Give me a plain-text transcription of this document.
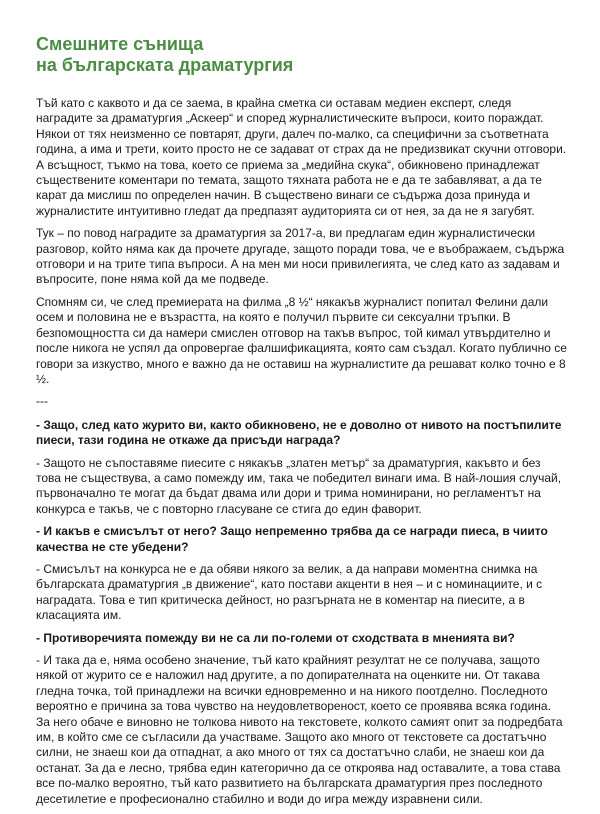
Смешните сънища
на българската драматургия

Тъй като с каквото и да се заема, в крайна сметка си оставам медиен експерт, следя наградите за драматургия „Аскеер“ и според журналистическите въпроси, които пораждат. Някои от тях неизменно се повтарят, други, далеч по-малко, са специфични за съответната година, а има и трети, които просто не се задават от страх да не предизвикат скучни отговори. А всъщност, тъкмо на това, което се приема за „медийна скука“, обикновено принадлежат съществените коментари по темата, защото тяхната работа не е да те забавляват, а да те карат да мислиш по определен начин. В съществено винаги се съдържа доза принуда и журналистите интуитивно гледат да предпазят аудиторията си от нея, за да не я загубят.

Тук – по повод наградите за драматургия за 2017-а, ви предлагам един журналистически разговор, който няма как да прочете другаде, защото поради това, че е въображаем, съдържа отговори и на трите типа въпроси. А на мен ми носи привилегията, че след като аз задавам и въпросите, поне няма кой да ме подведе.

Спомням си, че след премиерата на филма „8 ½“ някакъв журналист попитал Фелини дали осем и половина не е възрастта, на която е получил първите си сексуални тръпки. В безпомощността си да намери смислен отговор на такъв въпрос, той кимал утвърдително и после никога не успял да опровергае фалшификацията, която сам създал. Когато публично се говори за изкуство, много е важно да не оставиш на журналистите да решават колко точно е 8 ½.

---

- Защо, след като журито ви, както обикновено, не е доволно от нивото на постъпилите пиеси, тази година не откаже да присъди награда?

- Защото не съпоставяме пиесите с някакъв „златен метър“ за драматургия, какъвто и без това не съществува, а само помежду им, така че победител винаги има. В най-лошия случай, първоначално те могат да бъдат двама или дори и трима номинирани, но регламентът на конкурса е такъв, че с повторно гласуване се стига до един фаворит.

- И какъв е смисълът от него? Защо непременно трябва да се награди пиеса, в чиито качества не сте убедени?

- Смисълът на конкурса не е да обяви някого за велик, а да направи моментна снимка на българската драматургия „в движение“, като постави акценти в нея – и с номинациите, и с наградата. Това е тип критическа дейност, но разгърната не в коментар на пиесите, а в класацията им.

- Противоречията помежду ви не са ли по-големи от сходствата в мненията ви?

- И така да е, няма особено значение, тъй като крайният резултат не се получава, защото някой от журито се е наложил над другите, а по допирателната на оценките ни. От такава гледна точка, той принадлежи на всички едновременно и на никого поотделно. Последното вероятно е причина за това чувство на неудовлетвореност, което се проявява всяка година. За него обаче е виновно не толкова нивото на текстовете, колкото самият опит за подредбата им, в който сме се съгласили да участваме. Защото ако много от текстовете са достатъчно силни, не знаеш кои да отпаднат, а ако много от тях са достатъчно слаби, не знаеш кои да останат. За да е лесно, трябва един категорично да се откроява над оставалите, а това става все по-малко вероятно, тъй като развитието на българската драматургия през последното десетилетие е професионално стабилно и води до игра между изравнени сили.
